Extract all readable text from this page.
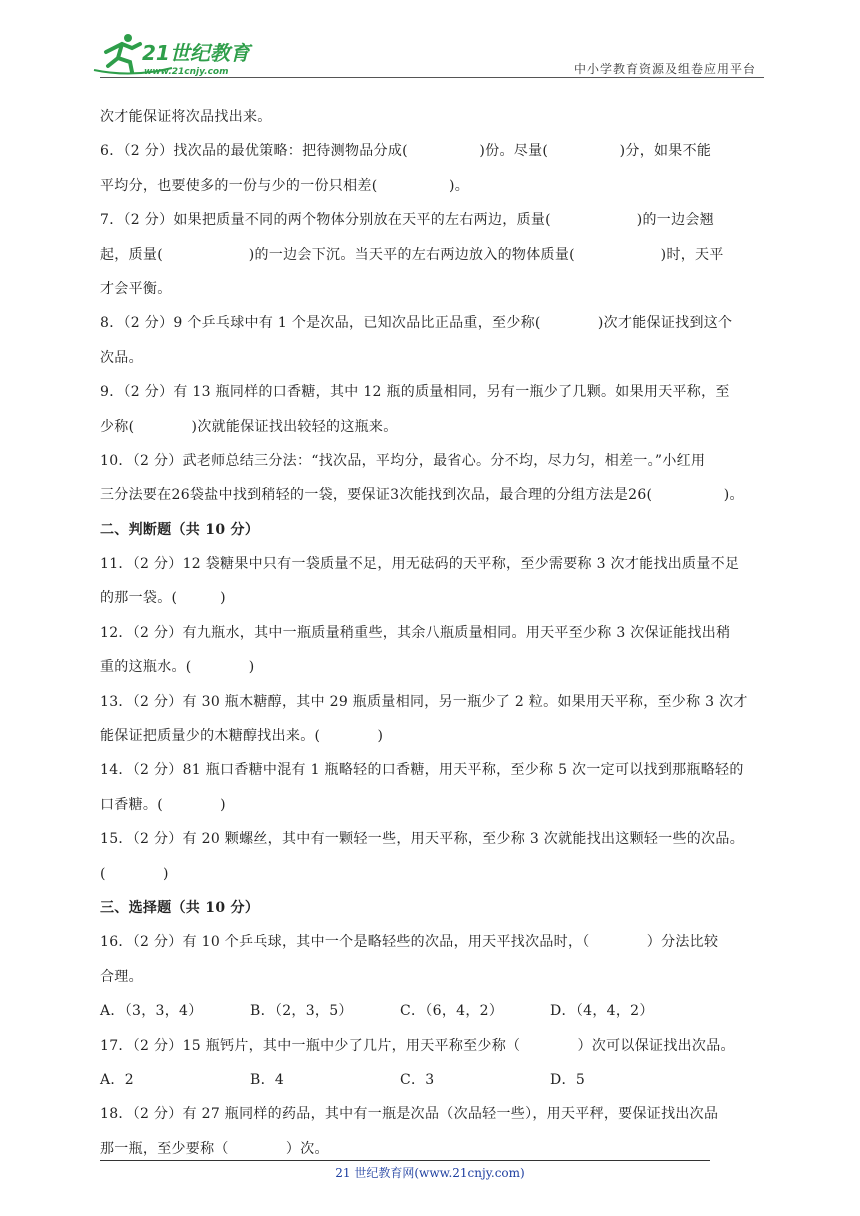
21世纪教育
www.21cnjy.com	中小学教育资源及组卷应用平台
次才能保证将次品找出来。
6．（2 分）找次品的最优策略：把待测物品分成(　　　　　)份。尽量(　　　　　)分，如果不能
平均分，也要使多的一份与少的一份只相差(　　　　　)。
7．（2 分）如果把质量不同的两个物体分别放在天平的左右两边，质量(　　　　　　)的一边会翘
起，质量(　　　　　　)的一边会下沉。当天平的左右两边放入的物体质量(　　　　　　)时，天平
才会平衡。
8．（2 分）9 个乒乓球中有 1 个是次品，已知次品比正品重，至少称(　　　　)次才能保证找到这个
次品。
9．（2 分）有 13 瓶同样的口香糖，其中 12 瓶的质量相同，另有一瓶少了几颗。如果用天平称，至
少称(　　　　)次就能保证找出较轻的这瓶来。
10．（2 分）武老师总结三分法：“找次品，平均分，最省心。分不均，尽力匀，相差一。”小红用
三分法要在26袋盐中找到稍轻的一袋，要保证3次能找到次品，最合理的分组方法是26(　　　　　)。
二、判断题（共 10 分）
11．（2 分）12 袋糖果中只有一袋质量不足，用无砝码的天平称，至少需要称 3 次才能找出质量不足
的那一袋。(　　　)
12．（2 分）有九瓶水，其中一瓶质量稍重些，其余八瓶质量相同。用天平至少称 3 次保证能找出稍
重的这瓶水。(　　　　)
13．（2 分）有 30 瓶木糖醇，其中 29 瓶质量相同，另一瓶少了 2 粒。如果用天平称，至少称 3 次才
能保证把质量少的木糖醇找出来。(　　　　)
14．（2 分）81 瓶口香糖中混有 1 瓶略轻的口香糖，用天平称，至少称 5 次一定可以找到那瓶略轻的
口香糖。(　　　　)
15．（2 分）有 20 颗螺丝，其中有一颗轻一些，用天平称，至少称 3 次就能找出这颗轻一些的次品。
(　　　　)
三、选择题（共 10 分）
16．（2 分）有 10 个乒乓球，其中一个是略轻些的次品，用天平找次品时，（　　　　）分法比较
合理。
A．（3，3，4）	B．（2，3，5）	C．（6，4，2）	D．（4，4，2）
17．（2 分）15 瓶钙片，其中一瓶中少了几片，用天平称至少称（　　　　）次可以保证找出次品。
A．2	B．4	C．3	D．5
18．（2 分）有 27 瓶同样的药品，其中有一瓶是次品（次品轻一些），用天平秤，要保证找出次品
那一瓶，至少要称（　　　　）次。
21 世纪教育网(www.21cnjy.com)
